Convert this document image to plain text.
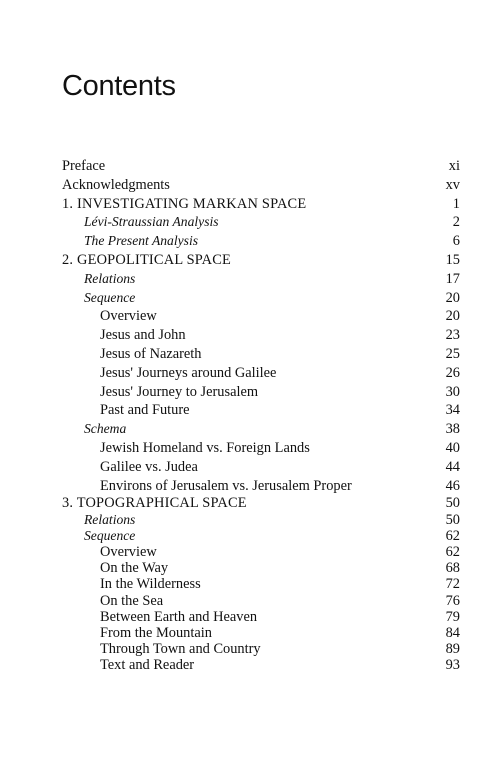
Contents
Preface	xi
Acknowledgments	xv
1. INVESTIGATING MARKAN SPACE	1
Lévi-Straussian Analysis	2
The Present Analysis	6
2. GEOPOLITICAL SPACE	15
Relations	17
Sequence	20
Overview	20
Jesus and John	23
Jesus of Nazareth	25
Jesus' Journeys around Galilee	26
Jesus' Journey to Jerusalem	30
Past and Future	34
Schema	38
Jewish Homeland vs. Foreign Lands	40
Galilee vs. Judea	44
Environs of Jerusalem vs. Jerusalem Proper	46
3. TOPOGRAPHICAL SPACE	50
Relations	50
Sequence	62
Overview	62
On the Way	68
In the Wilderness	72
On the Sea	76
Between Earth and Heaven	79
From the Mountain	84
Through Town and Country	89
Text and Reader	93
